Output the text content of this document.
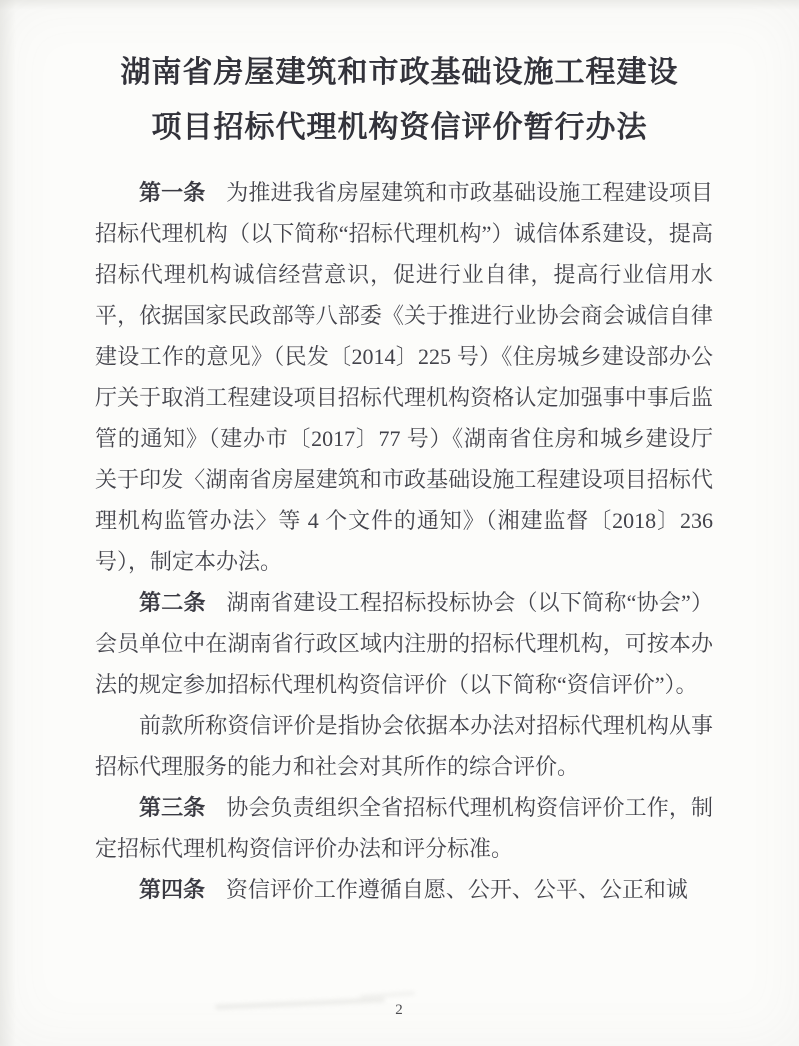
湖南省房屋建筑和市政基础设施工程建设
项目招标代理机构资信评价暂行办法

第一条 为推进我省房屋建筑和市政基础设施工程建设项目招标代理机构（以下简称“招标代理机构”）诚信体系建设，提高招标代理机构诚信经营意识，促进行业自律，提高行业信用水平，依据国家民政部等八部委《关于推进行业协会商会诚信自律建设工作的意见》（民发〔2014〕225 号）《住房城乡建设部办公厅关于取消工程建设项目招标代理机构资格认定加强事中事后监管的通知》（建办市〔2017〕77 号）《湖南省住房和城乡建设厅关于印发〈湖南省房屋建筑和市政基础设施工程建设项目招标代理机构监管办法〉等 4 个文件的通知》（湘建监督〔2018〕236 号），制定本办法。

第二条 湖南省建设工程招标投标协会（以下简称“协会”）会员单位中在湖南省行政区域内注册的招标代理机构，可按本办法的规定参加招标代理机构资信评价（以下简称“资信评价”）。

前款所称资信评价是指协会依据本办法对招标代理机构从事招标代理服务的能力和社会对其所作的综合评价。

第三条 协会负责组织全省招标代理机构资信评价工作，制定招标代理机构资信评价办法和评分标准。

第四条 资信评价工作遵循自愿、公开、公平、公正和诚

2
